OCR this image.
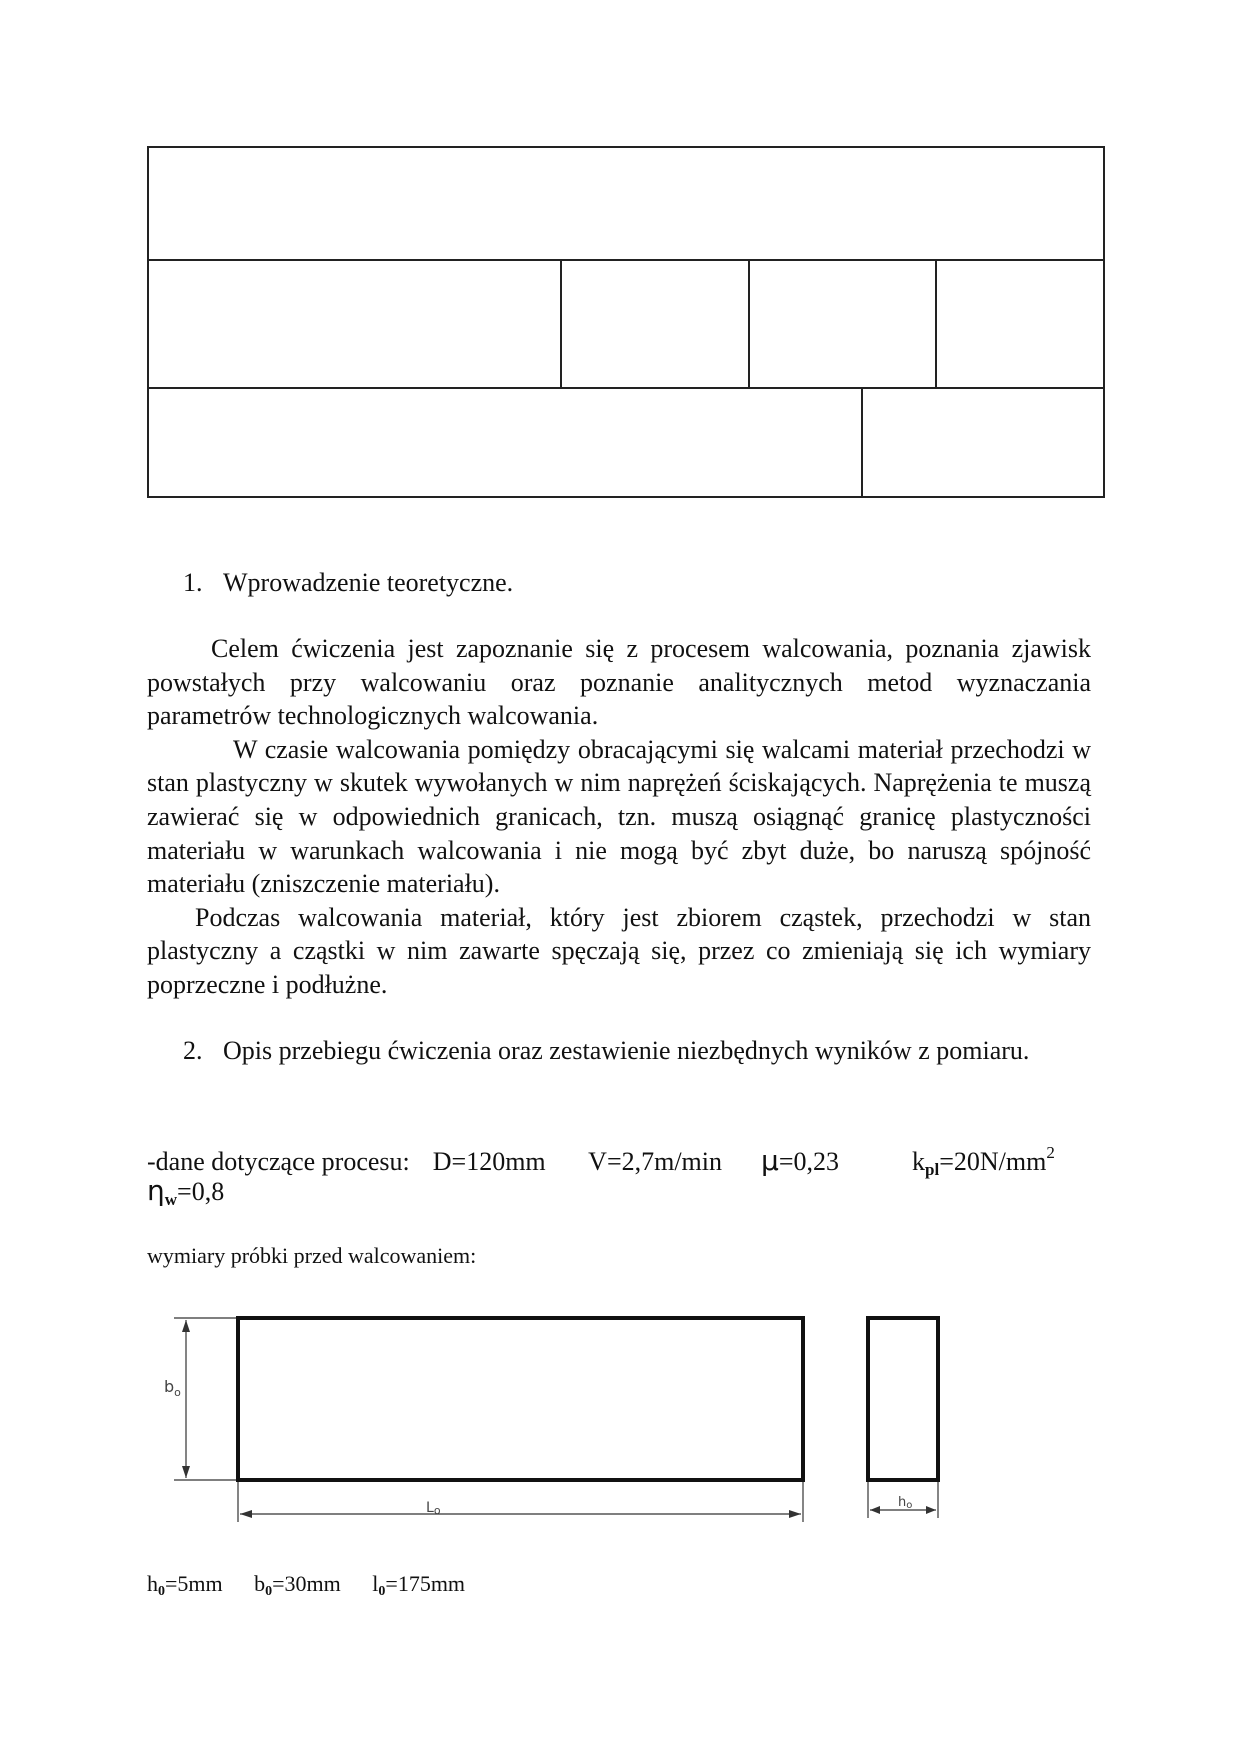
1. Wprowadzenie teoretyczne.

Celem ćwiczenia jest zapoznanie się z procesem walcowania, poznania zjawisk powstałych przy walcowaniu oraz poznanie analitycznych metod wyznaczania parametrów technologicznych walcowania.

W czasie walcowania pomiędzy obracającymi się walcami materiał przechodzi w stan plastyczny w skutek wywołanych w nim naprężeń ściskających. Naprężenia te muszą zawierać się w odpowiednich granicach, tzn. muszą osiągnąć granicę plastyczności materiału w warunkach walcowania i nie mogą być zbyt duże, bo naruszą spójność materiału (zniszczenie materiału).

Podczas walcowania materiał, który jest zbiorem cząstek, przechodzi w stan plastyczny a cząstki w nim zawarte spęczają się, przez co zmieniają się ich wymiary poprzeczne i podłużne.

2. Opis przebiegu ćwiczenia oraz zestawienie niezbędnych wyników z pomiaru.
-dane dotyczące procesu: D=120mm V=2,7m/min μ=0,23	$k_{pl}=20N/mm^2$
$\eta_w=0,8$
wymiary próbki przed walcowaniem:
$b_o$
Lo
ho
$h_0=5mm$ $b_0=30mm$ $l_0=175mm$
